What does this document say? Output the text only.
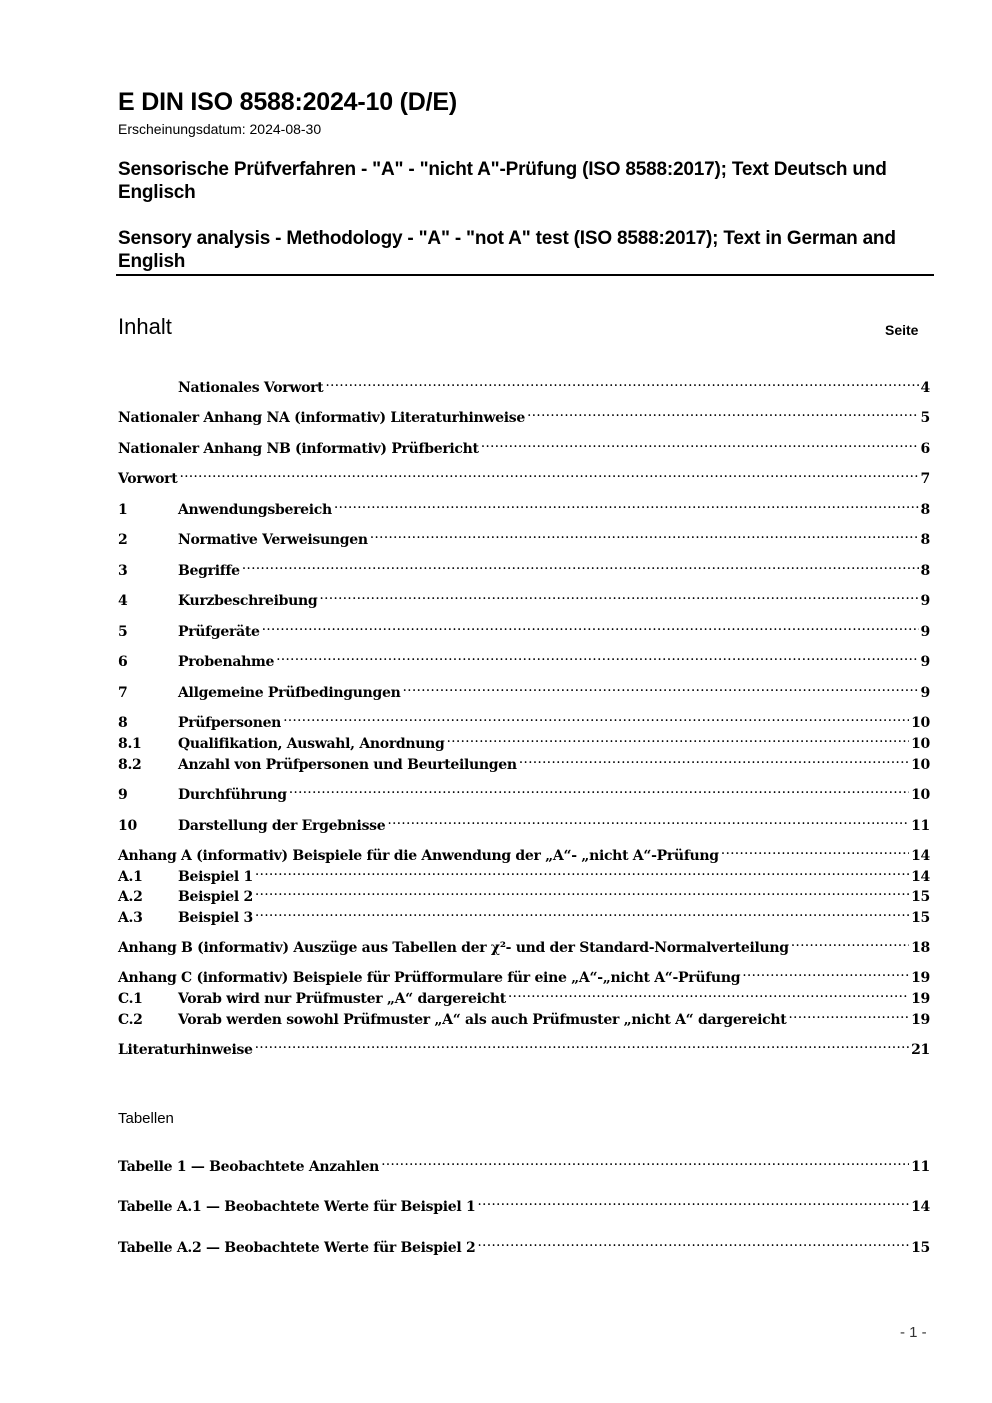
E DIN ISO 8588:2024-10 (D/E)
Erscheinungsdatum: 2024-08-30
Sensorische Prüfverfahren - "A" - "nicht A"-Prüfung (ISO 8588:2017); Text Deutsch und Englisch
Sensory analysis - Methodology - "A" - "not A" test (ISO 8588:2017); Text in German and English
Inhalt	Seite
Nationales Vorwort .....	4
Nationaler Anhang NA (informativ) Literaturhinweise .....	5
Nationaler Anhang NB (informativ) Prüfbericht .....	6
Vorwort .....	7
1	Anwendungsbereich .....	8
2	Normative Verweisungen .....	8
3	Begriffe .....	8
4	Kurzbeschreibung .....	9
5	Prüfgeräte .....	9
6	Probenahme .....	9
7	Allgemeine Prüfbedingungen .....	9
8	Prüfpersonen .....	10
8.1	Qualifikation, Auswahl, Anordnung .....	10
8.2	Anzahl von Prüfpersonen und Beurteilungen .....	10
9	Durchführung .....	10
10	Darstellung der Ergebnisse .....	11
Anhang A (informativ) Beispiele für die Anwendung der „A“- „nicht A“-Prüfung .....	14
A.1	Beispiel 1 .....	14
A.2	Beispiel 2 .....	15
A.3	Beispiel 3 .....	15
Anhang B (informativ) Auszüge aus Tabellen der χ²- und der Standard-Normalverteilung .....	18
Anhang C (informativ) Beispiele für Prüfformulare für eine „A“-„nicht A“-Prüfung .....	19
C.1	Vorab wird nur Prüfmuster „A“ dargereicht .....	19
C.2	Vorab werden sowohl Prüfmuster „A“ als auch Prüfmuster „nicht A“ dargereicht .....	19
Literaturhinweise .....	21
Tabellen
Tabelle 1 — Beobachtete Anzahlen .....	11
Tabelle A.1 — Beobachtete Werte für Beispiel 1 .....	14
Tabelle A.2 — Beobachtete Werte für Beispiel 2 .....	15
- 1 -
